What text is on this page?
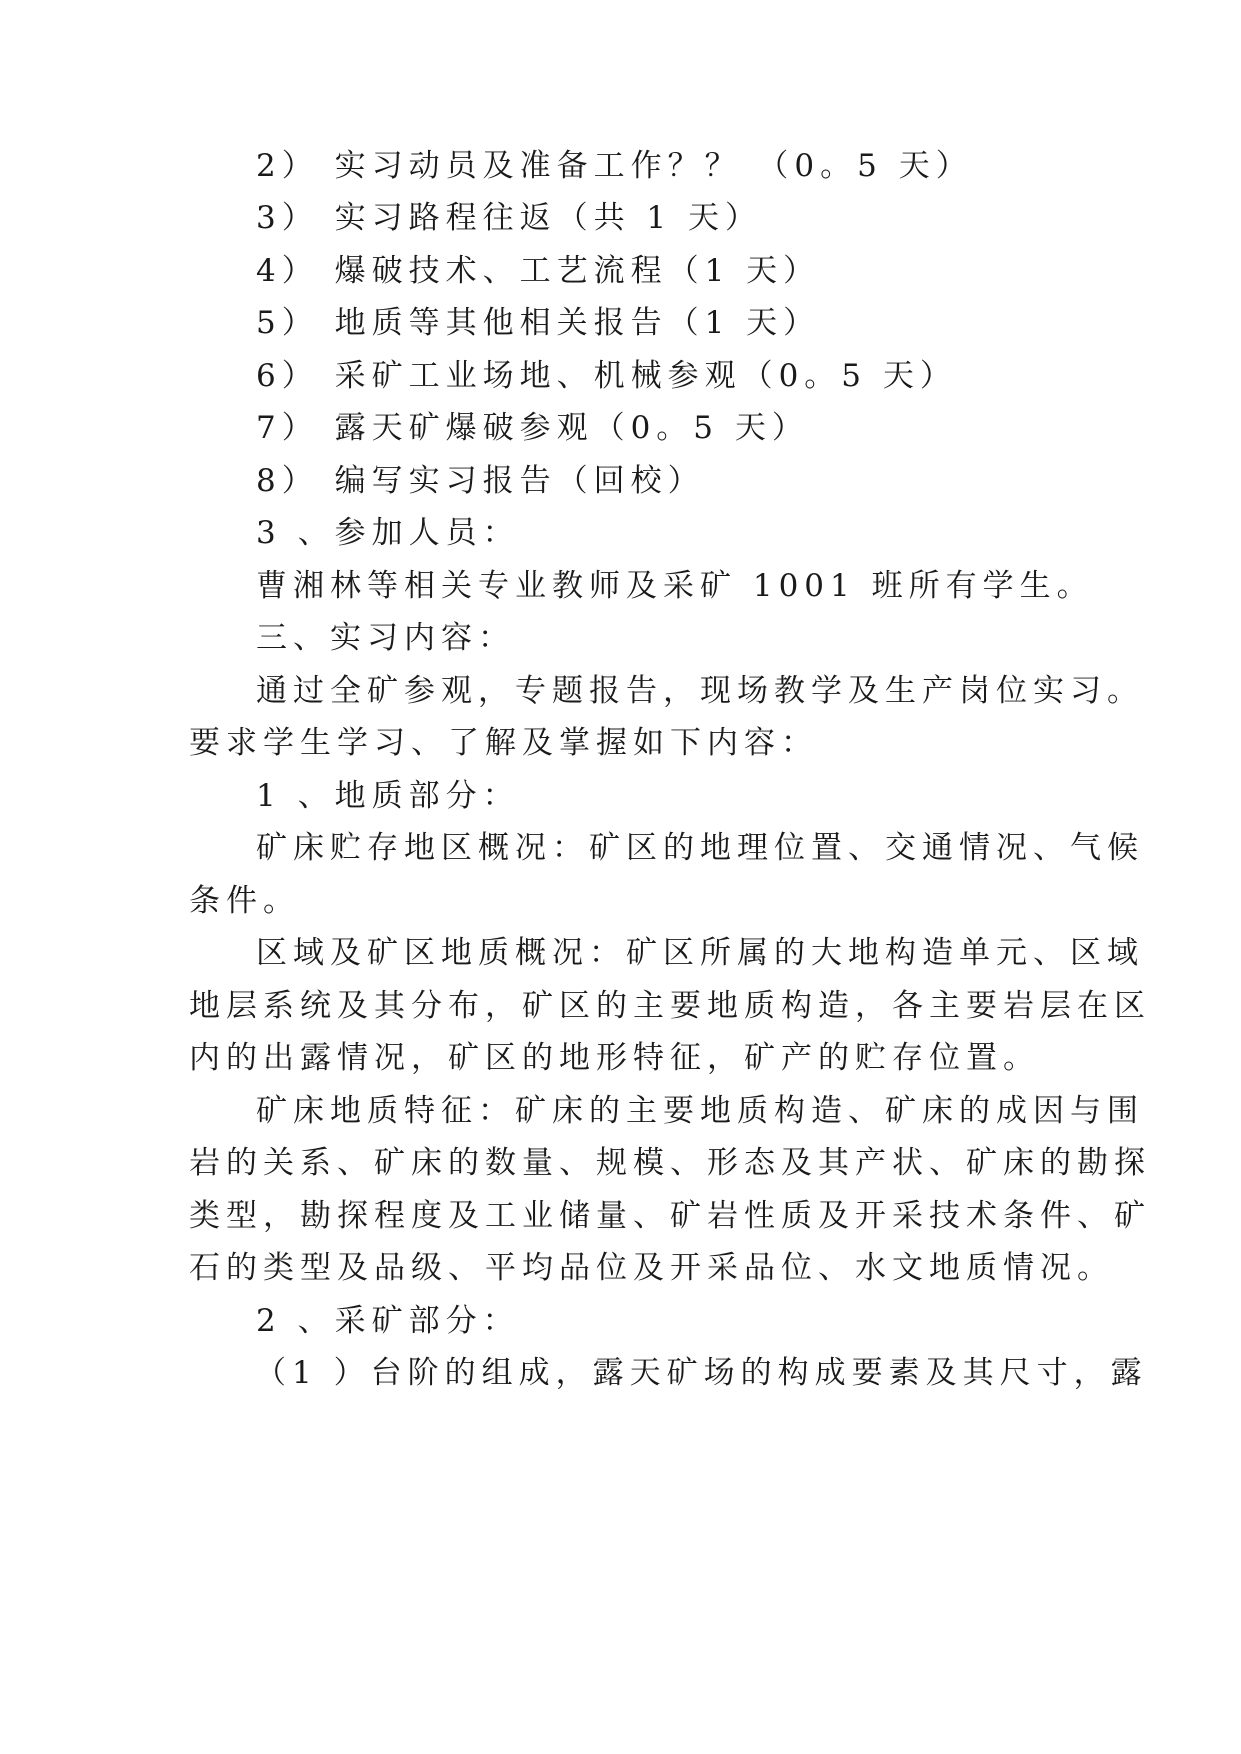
2） 实习动员及准备工作？？ （0。5 天）
3） 实习路程往返（共 1 天）
4） 爆破技术、工艺流程（1 天）
5） 地质等其他相关报告（1 天）
6） 采矿工业场地、机械参观（0。5 天）
7） 露天矿爆破参观（0。5 天）
8） 编写实习报告（回校）
3 、参加人员：
曹湘林等相关专业教师及采矿 1001 班所有学生。
三、实习内容：
通过全矿参观，专题报告，现场教学及生产岗位实习。
要求学生学习、了解及掌握如下内容：
1 、地质部分：
矿床贮存地区概况：矿区的地理位置、交通情况、气候
条件。
区域及矿区地质概况：矿区所属的大地构造单元、区域
地层系统及其分布，矿区的主要地质构造，各主要岩层在区
内的出露情况，矿区的地形特征，矿产的贮存位置。
矿床地质特征：矿床的主要地质构造、矿床的成因与围
岩的关系、矿床的数量、规模、形态及其产状、矿床的勘探
类型，勘探程度及工业储量、矿岩性质及开采技术条件、矿
石的类型及品级、平均品位及开采品位、水文地质情况。
2 、采矿部分：
（1 ）台阶的组成，露天矿场的构成要素及其尺寸，露
